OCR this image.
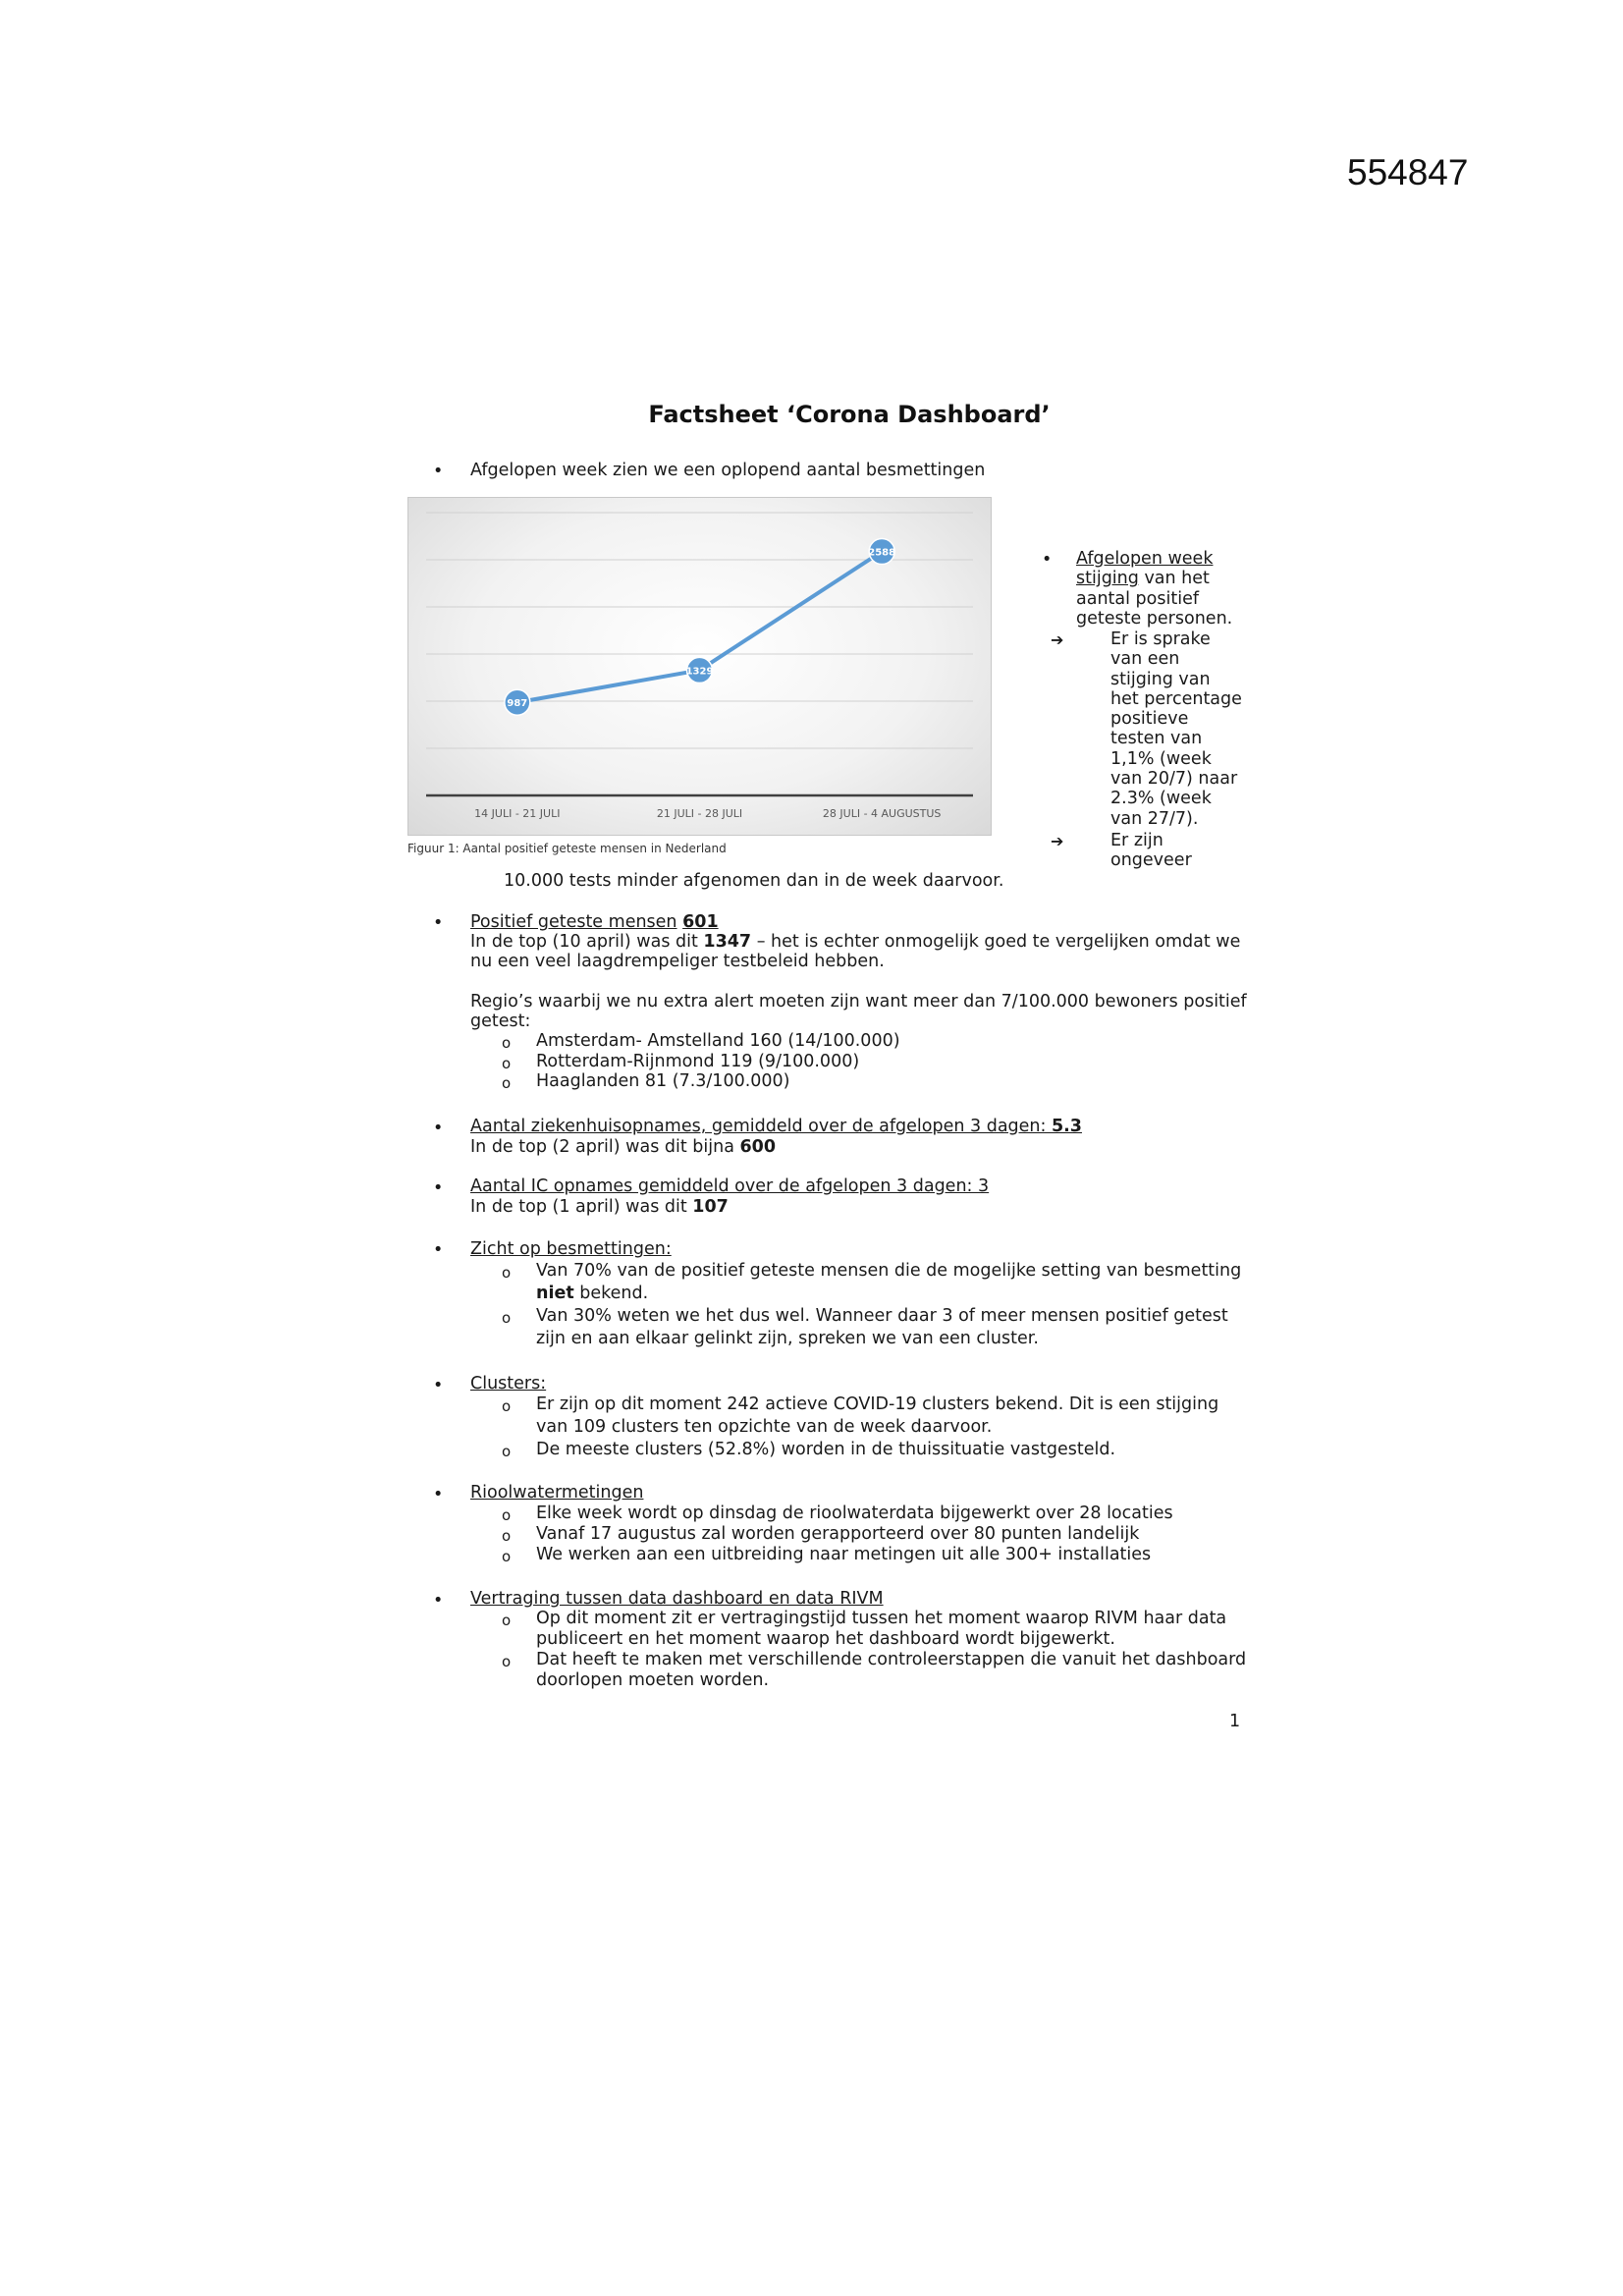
554847
Factsheet ‘Corona Dashboard’
• Afgelopen week zien we een oplopend aantal besmettingen
14 JULI - 21 JULI	21 JULI - 28 JULI	28 JULI - 4 AUGUSTUS
987
1329
2588
Figuur 1: Aantal positief geteste mensen in Nederland
• Afgelopen week

stijging van het

aantal positief

geteste personen.

➔	Er is sprake

van een

stijging van

het percentage

positieve

testen van

1,1% (week

van 20/7) naar

2.3% (week

van 27/7).

➔	Er zijn

ongeveer

10.000 tests minder afgenomen dan in de week daarvoor.
• Positief geteste mensen 601
In de top (10 april) was dit 1347 – het is echter onmogelijk goed te vergelijken omdat we
nu een veel laagdrempeliger testbeleid hebben.
Regio’s waarbij we nu extra alert moeten zijn want meer dan 7/100.000 bewoners positief
getest:
o Amsterdam- Amstelland 160 (14/100.000)
o Rotterdam-Rijnmond 119 (9/100.000)
o Haaglanden 81 (7.3/100.000)
• Aantal ziekenhuisopnames, gemiddeld over de afgelopen 3 dagen: 5.3
In de top (2 april) was dit bijna 600
• Aantal IC opnames gemiddeld over de afgelopen 3 dagen: 3
In de top (1 april) was dit 107
• Zicht op besmettingen:
o Van 70% van de positief geteste mensen die de mogelijke setting van besmetting
niet bekend.
o Van 30% weten we het dus wel. Wanneer daar 3 of meer mensen positief getest
zijn en aan elkaar gelinkt zijn, spreken we van een cluster.
• Clusters:
o Er zijn op dit moment 242 actieve COVID-19 clusters bekend. Dit is een stijging
van 109 clusters ten opzichte van de week daarvoor.
o De meeste clusters (52.8%) worden in de thuissituatie vastgesteld.
• Rioolwatermetingen
o Elke week wordt op dinsdag de rioolwaterdata bijgewerkt over 28 locaties
o Vanaf 17 augustus zal worden gerapporteerd over 80 punten landelijk
o We werken aan een uitbreiding naar metingen uit alle 300+ installaties
• Vertraging tussen data dashboard en data RIVM
o Op dit moment zit er vertragingstijd tussen het moment waarop RIVM haar data
publiceert en het moment waarop het dashboard wordt bijgewerkt.
o Dat heeft te maken met verschillende controleerstappen die vanuit het dashboard
doorlopen moeten worden.
1
